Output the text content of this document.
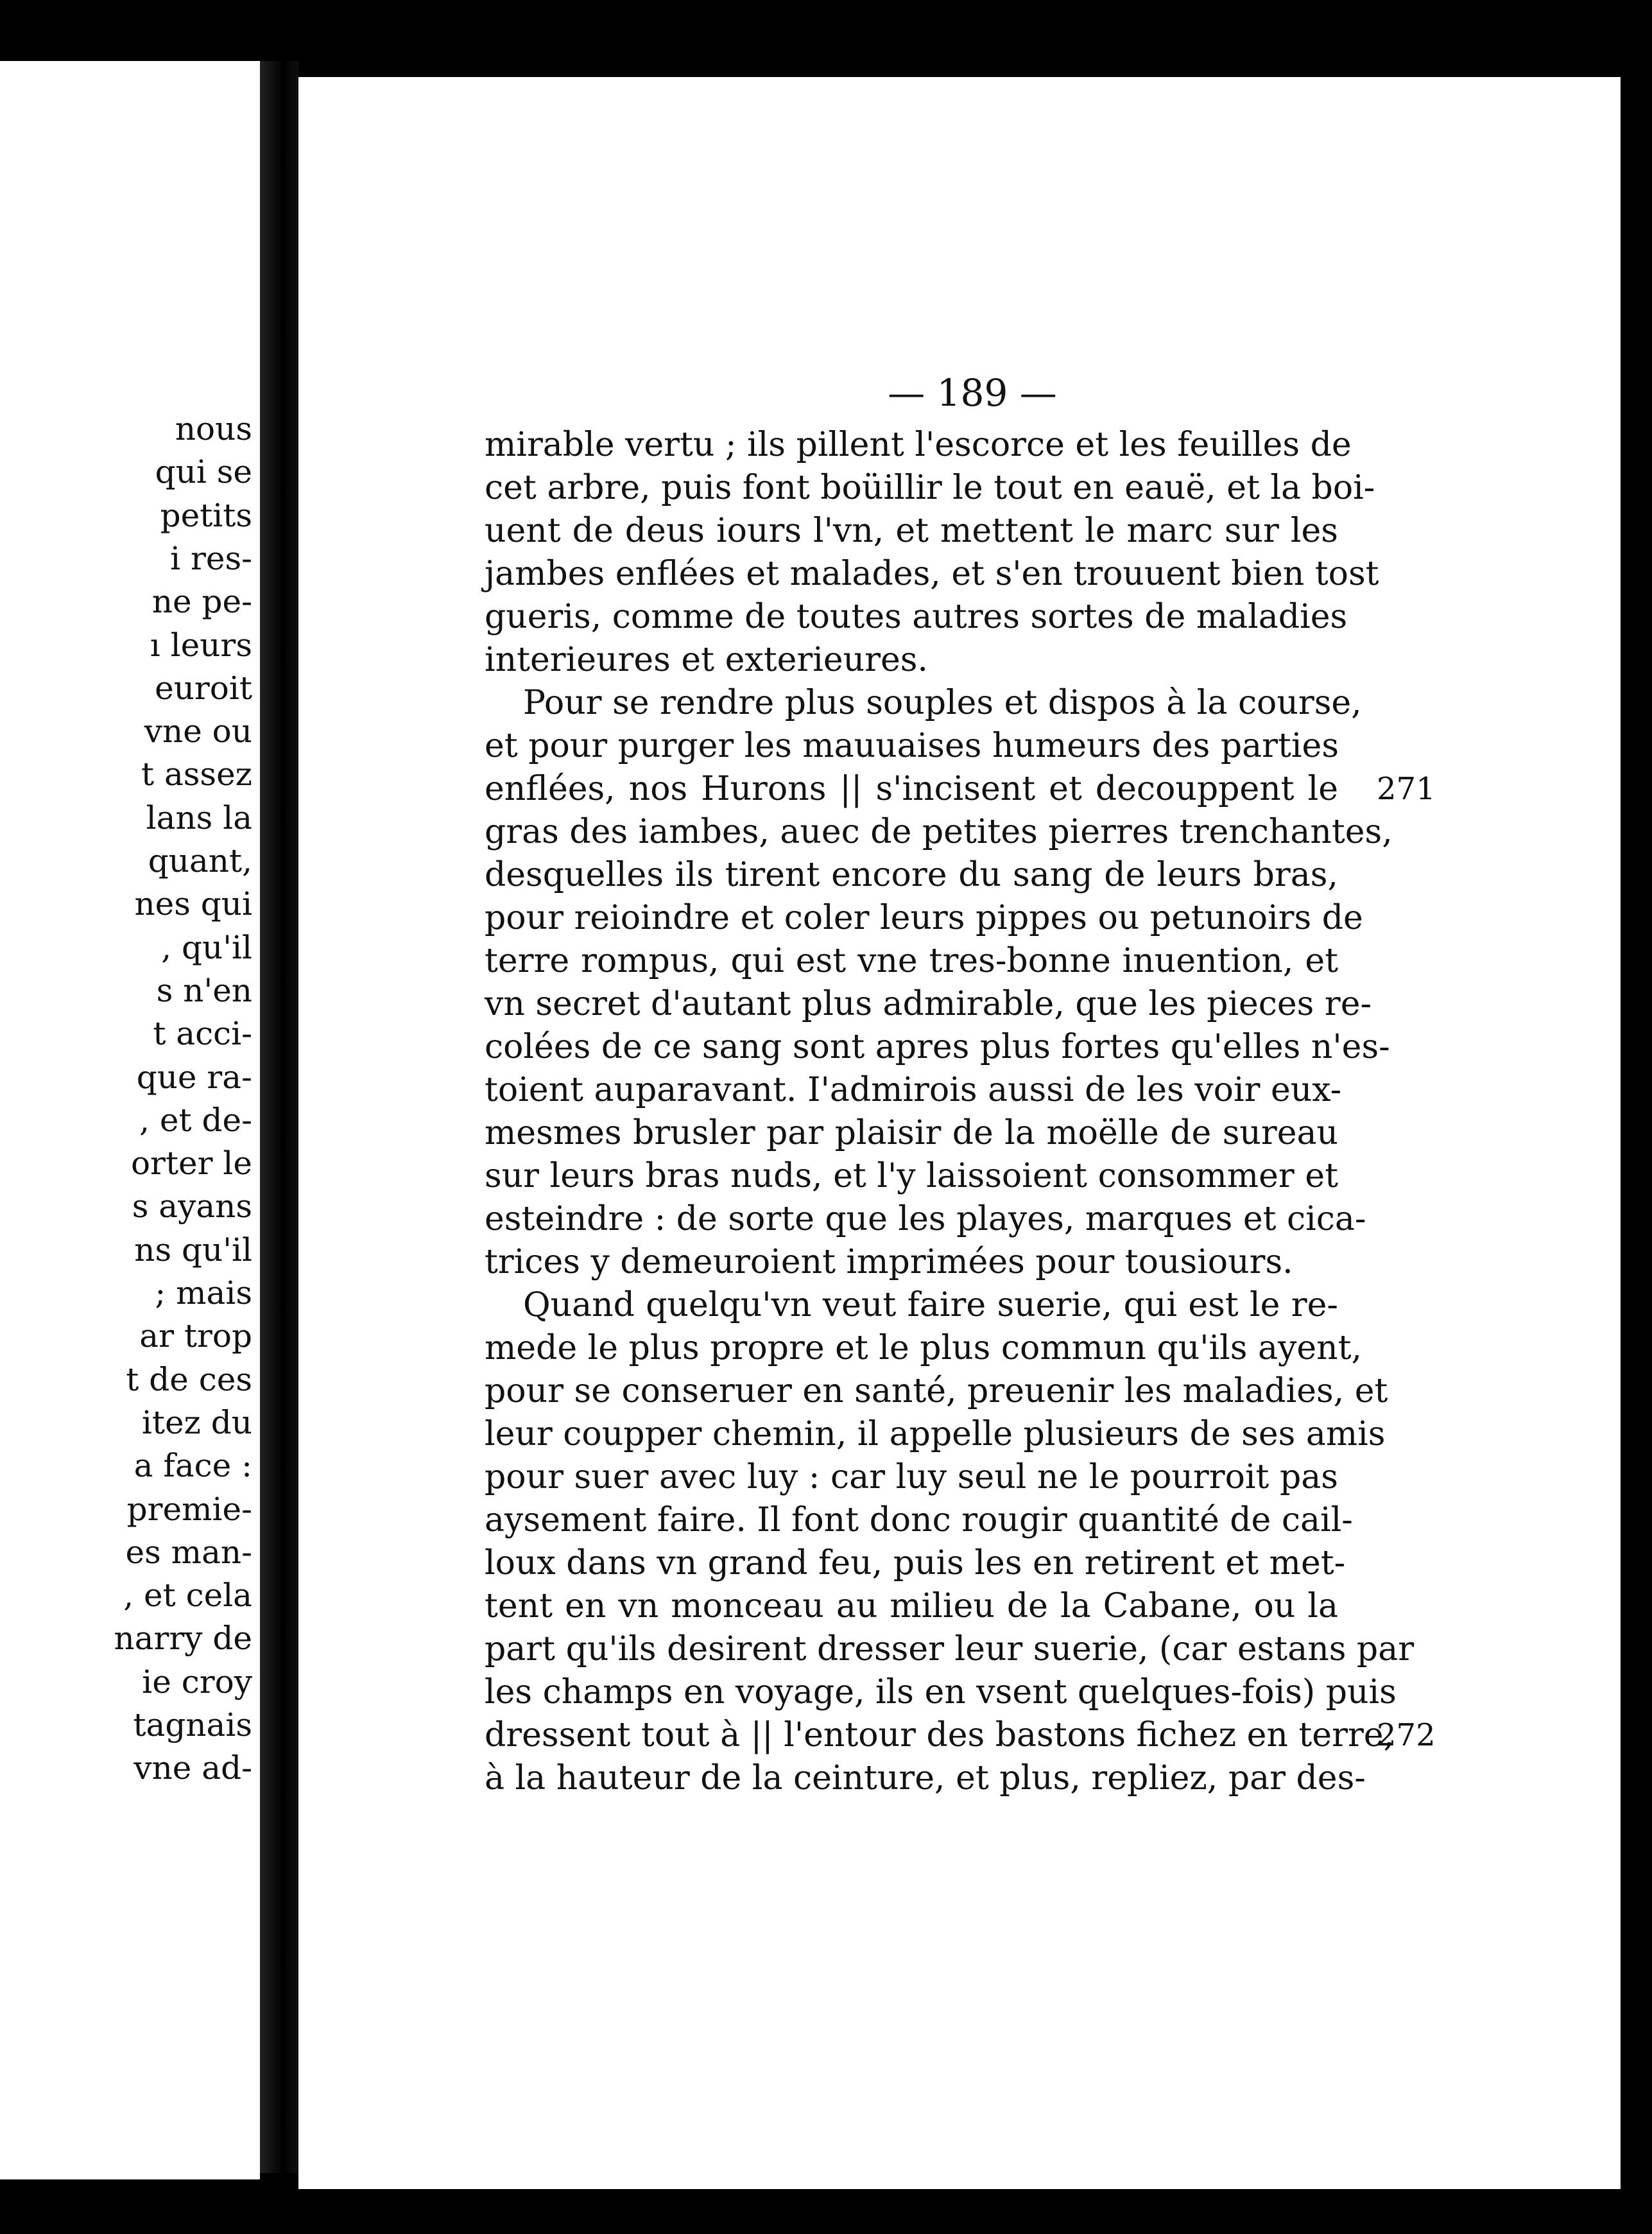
nous

qui se

petits

i res-

ne pe-

ı leurs

eurοit

vne ou

t assez

lans la

quant,

nes qui

, qu'il

s n'en

t acci-

que ra-

, et de-

orter le

s ayans

ns qu'il

; mais

ar trop

t de ces

itez du

a face :

premie-

es man-

, et cela

narry de

ie croy

tagnais

vne ad-

— 189 —

mirable vertu ; ils pillent l'escorce et les feuilles de

cet arbre, puis font boüillir le tout en eauë, et la boi-

uent de deus iours l'vn, et mettent le marc sur les

jambes enflées et malades, et s'en trouuent bien tost

gueris, comme de toutes autres sortes de maladies

interieures et exterieures.

Pour se rendre plus souples et dispos à la course,

et pour purger les mauuaises humeurs des parties

enflées, nos Hurons || s'incisent et decouppent le

gras des iambes, auec de petites pierres trenchantes,

desquelles ils tirent encore du sang de leurs bras,

pour reioindre et coler leurs pippes ou petunoirs de

terre rompus, qui est vne tres-bonne inuention, et

vn secret d'autant plus admirable, que les pieces re-

colées de ce sang sont apres plus fortes qu'elles n'es-

toient auparavant. I'admirois aussi de les voir eux-

mesmes brusler par plaisir de la moëlle de sureau

sur leurs bras nuds, et l'y laissoient consommer et

esteindre : de sorte que les playes, marques et cica-

trices y demeuroient imprimées pour tousiours.

Quand quelqu'vn veut faire suerie, qui est le re-

mede le plus propre et le plus commun qu'ils ayent,

pour se conseruer en santé, preuenir les maladies, et

leur coupper chemin, il appelle plusieurs de ses amis

pour suer avec luy : car luy seul ne le pourroit pas

aysement faire. Il font donc rougir quantité de cail-

loux dans vn grand feu, puis les en retirent et met-

tent en vn monceau au milieu de la Cabane, ou la

part qu'ils desirent dresser leur suerie, (car estans par

les champs en voyage, ils en vsent quelques-fois) puis

dressent tout à || l'entour des bastons fichez en terre,

à la hauteur de la ceinture, et plus, repliez, par des-

271

272
